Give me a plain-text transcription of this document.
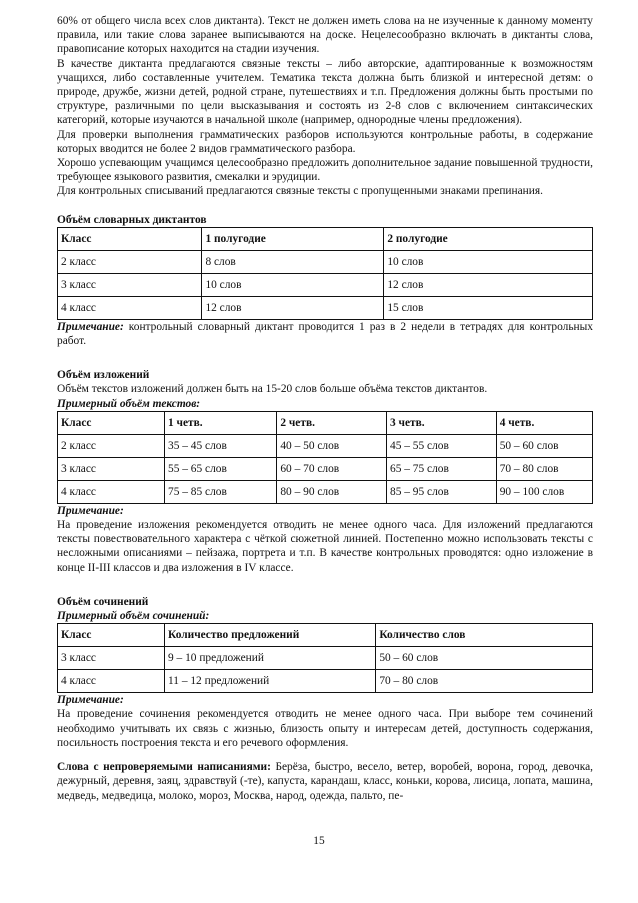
60% от общего числа всех слов диктанта). Текст не должен иметь слова на не изученные к данному моменту правила, или такие слова заранее выписываются на доске. Нецелесообразно включать в диктанты слова, правописание которых находится на стадии изучения.

В качестве диктанта предлагаются связные тексты – либо авторские, адаптированные к возможностям учащихся, либо составленные учителем. Тематика текста должна быть близкой и интересной детям: о природе, дружбе, жизни детей, родной стране, путешествиях и т.п. Предложения должны быть простыми по структуре, различными по цели высказывания и состоять из 2-8 слов с включением синтаксических категорий, которые изучаются в начальной школе (например, однородные члены предложения).

Для проверки выполнения грамматических разборов используются контрольные работы, в содержание которых вводится не более 2 видов грамматического разбора.

Хорошо успевающим учащимся целесообразно предложить дополнительное задание повышенной трудности, требующее языкового развития, смекалки и эрудиции.

Для контрольных списываний предлагаются связные тексты с пропущенными знаками препинания.

Объём словарных диктантов
Класс	1 полугодие	2 полугодие
2 класс	8 слов	10 слов
3 класс	10 слов	12 слов
4 класс	12 слов	15 слов

Примечание: контрольный словарный диктант проводится 1 раз в 2 недели в тетрадях для контрольных работ.

Объём изложений

Объём текстов изложений должен быть на 15-20 слов больше объёма текстов диктантов.

Примерный объём текстов:
Класс	1 четв.	2 четв.	3 четв.	4 четв.
2 класс	35 – 45 слов	40 – 50 слов	45 – 55 слов	50 – 60 слов
3 класс	55 – 65 слов	60 – 70 слов	65 – 75 слов	70 – 80 слов
4 класс	75 – 85 слов	80 – 90 слов	85 – 95 слов	90 – 100 слов
Примечание:

На проведение изложения рекомендуется отводить не менее одного часа. Для изложений предлагаются тексты повествовательного характера с чёткой сюжетной линией. Постепенно можно использовать тексты с несложными описаниями – пейзажа, портрета и т.п. В качестве контрольных проводятся: одно изложение в конце II-III классов и два изложения в IV классе.

Объём сочинений
Примерный объём сочинений:
Класс	Количество предложений	Количество слов
3 класс	9 – 10 предложений	50 – 60 слов
4 класс	11 – 12 предложений	70 – 80 слов
Примечание:

На проведение сочинения рекомендуется отводить не менее одного часа. При выборе тем сочинений необходимо учитывать их связь с жизнью, близость опыту и интересам детей, доступность содержания, посильность построения текста и его речевого оформления.

Слова с непроверяемыми написаниями: Берёза, быстро, весело, ветер, воробей, ворона, город, девочка, дежурный, деревня, заяц, здравствуй (-те), капуста, карандаш, класс, коньки, корова, лисица, лопата, машина, медведь, медведица, молоко, мороз, Москва, народ, одежда, пальто, пе-

15
